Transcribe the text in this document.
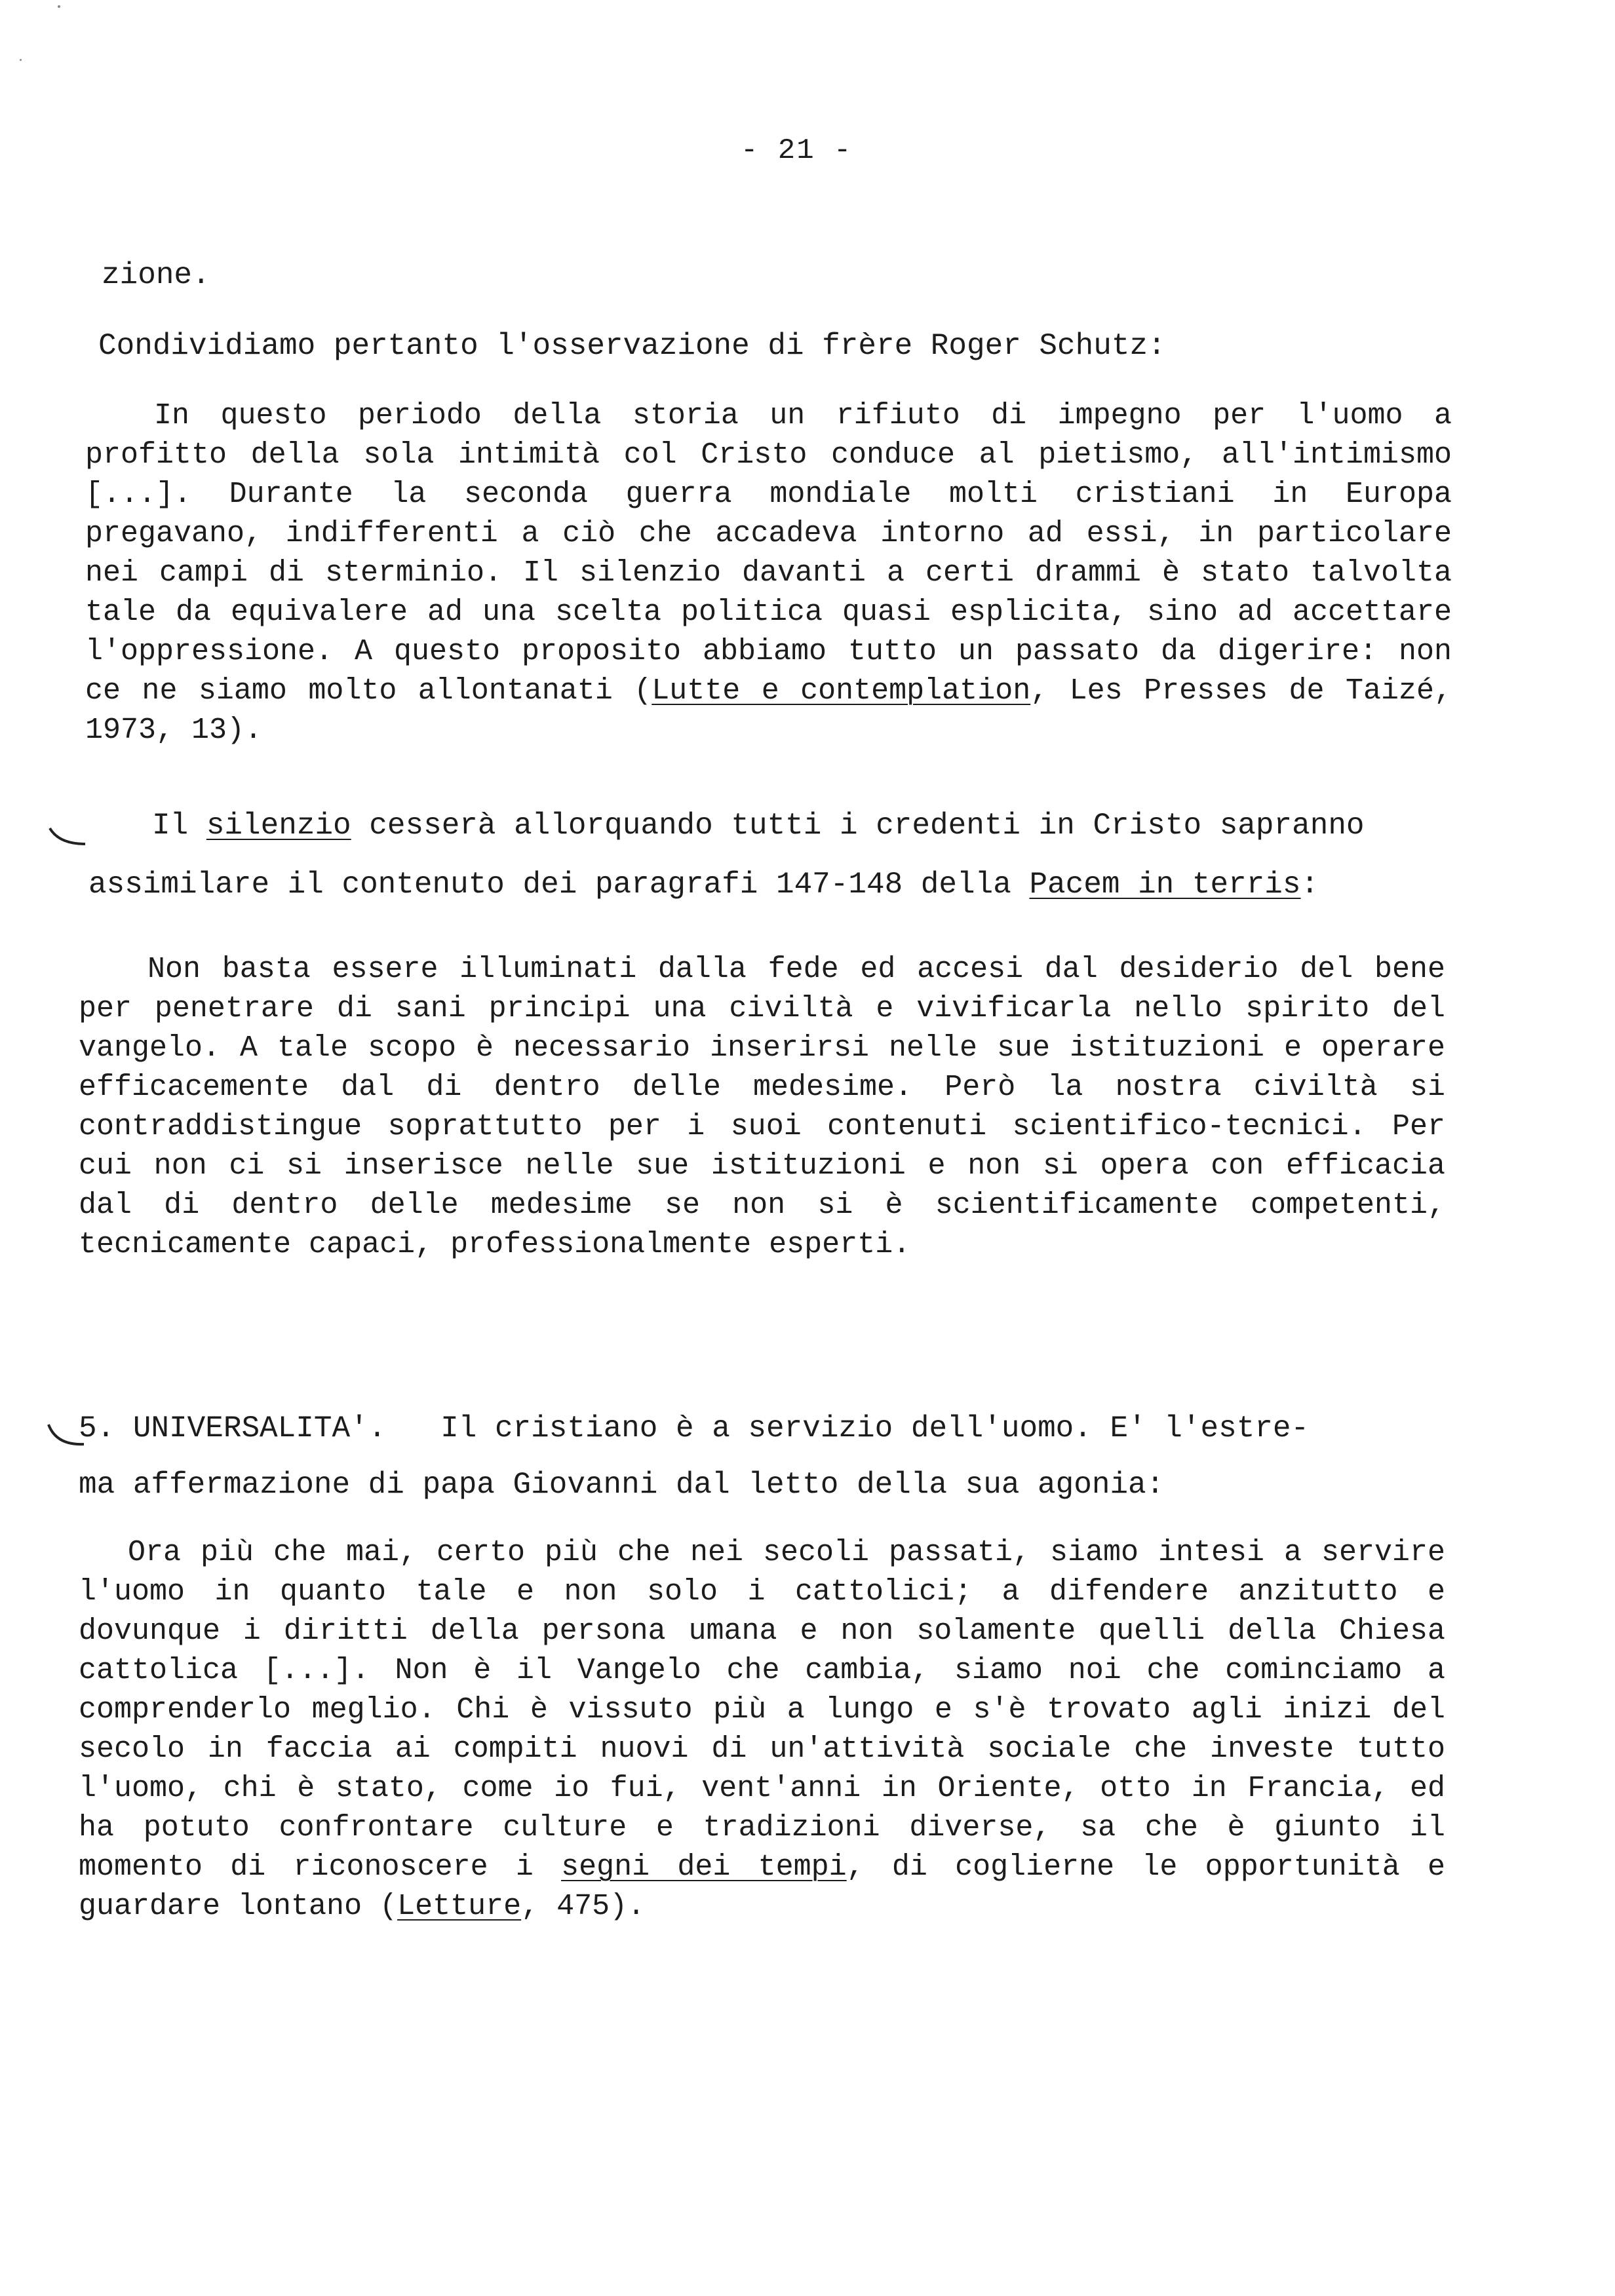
- 21 -
zione.
Condividiamo pertanto l'osservazione di frère Roger Schutz:
In questo periodo della storia un rifiuto di impegno per l'uomo a profitto della sola intimità col Cristo conduce al pietismo, all'intimismo [...]. Durante la seconda guerra mondiale molti cristiani in Europa pregavano, indifferenti a ciò che accadeva intorno ad essi, in particolare nei campi di sterminio. Il silenzio davanti a certi drammi è stato talvolta tale da equivalere ad una scelta politica quasi esplicita, sino ad accettare l'oppressione. A questo proposito abbiamo tutto un passato da digerire: non ce ne siamo molto allontanati (Lutte e contemplation, Les Presses de Taizé, 1973, 13).
Il silenzio cesserà allorquando tutti i credenti in Cristo sapranno
assimilare il contenuto dei paragrafi 147-148 della Pacem in terris:
Non basta essere illuminati dalla fede ed accesi dal desiderio del bene per penetrare di sani principi una civiltà e vivificarla nello spirito del vangelo. A tale scopo è necessario inserirsi nelle sue istituzioni e operare efficacemente dal di dentro delle medesime. Però la nostra civiltà si contraddistingue soprattutto per i suoi contenuti scientifico-tecnici. Per cui non ci si inserisce nelle sue istituzioni e non si opera con efficacia dal di dentro delle medesime se non si è scientificamente competenti, tecnicamente capaci, professionalmente esperti.
5. UNIVERSALITA'. Il cristiano è a servizio dell'uomo. E' l'estre-
ma affermazione di papa Giovanni dal letto della sua agonia:
Ora più che mai, certo più che nei secoli passati, siamo intesi a servire l'uomo in quanto tale e non solo i cattolici; a difendere anzitutto e dovunque i diritti della persona umana e non solamente quelli della Chiesa cattolica [...]. Non è il Vangelo che cambia, siamo noi che cominciamo a comprenderlo meglio. Chi è vissuto più a lungo e s'è trovato agli inizi del secolo in faccia ai compiti nuovi di un'attività sociale che investe tutto l'uomo, chi è stato, come io fui, vent'anni in Oriente, otto in Francia, ed ha potuto confrontare culture e tradizioni diverse, sa che è giunto il momento di riconoscere i segni dei tempi, di coglierne le opportunità e guardare lontano (Letture, 475).
